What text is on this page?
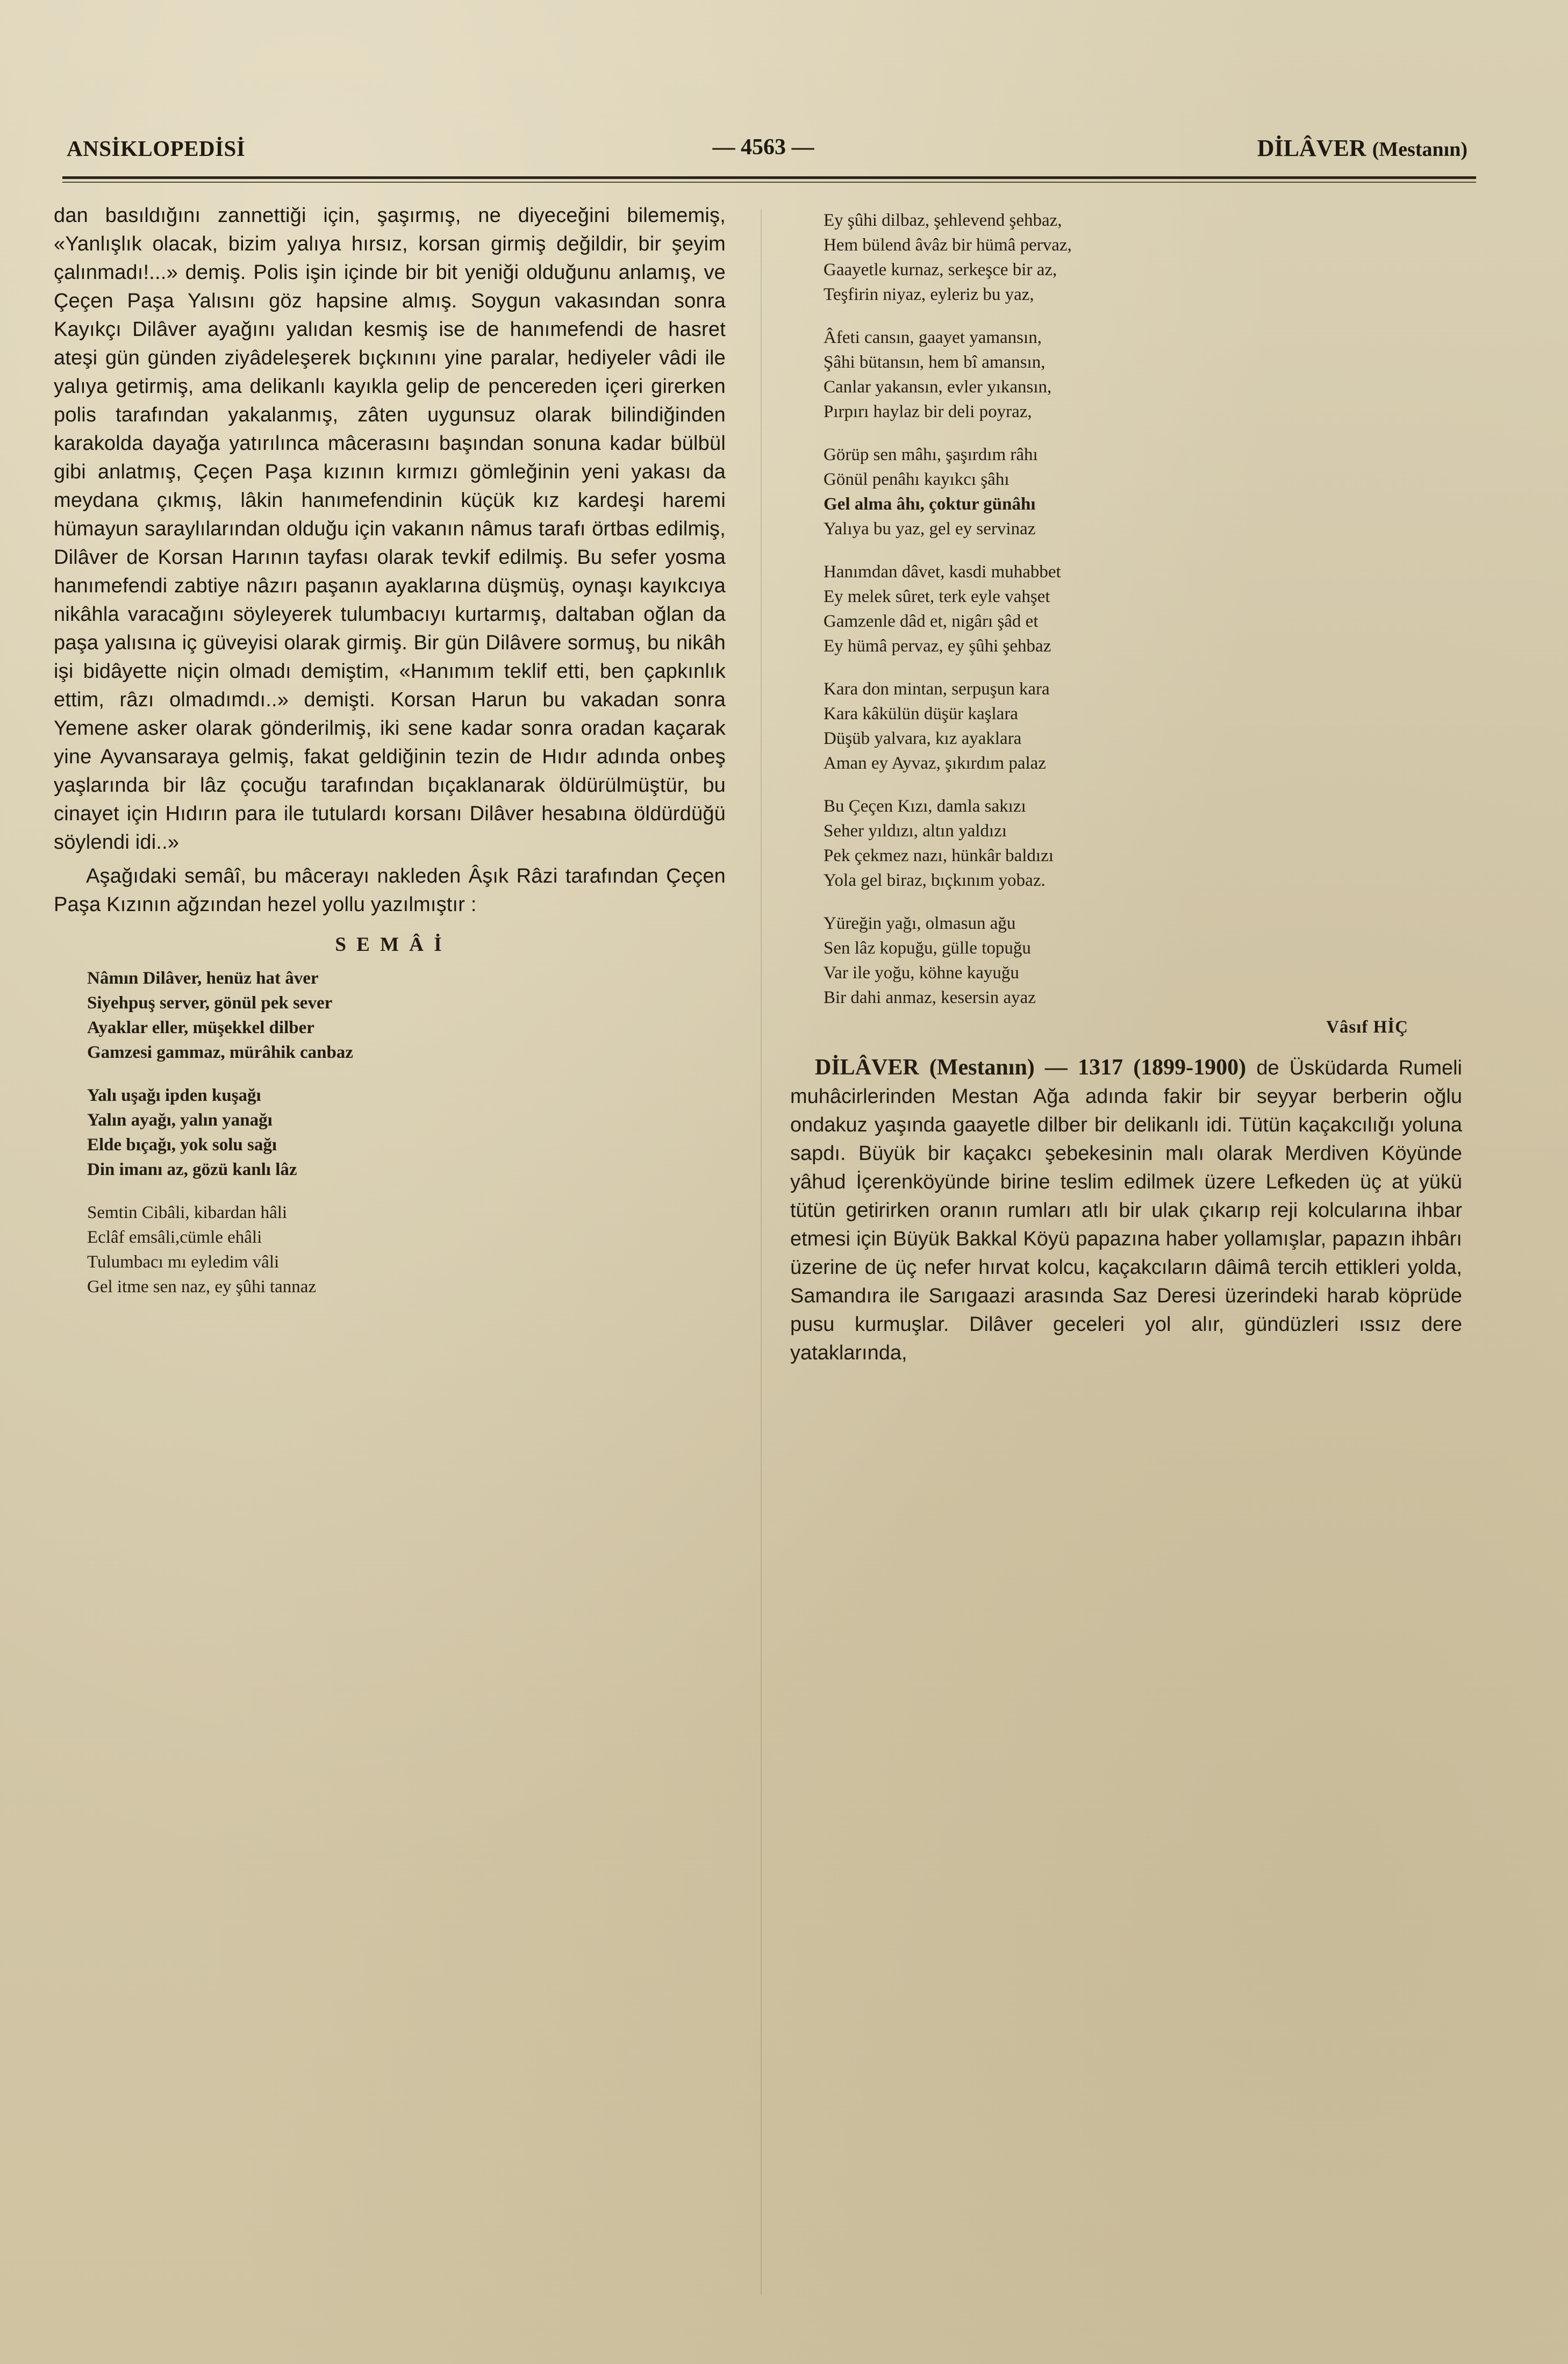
— 4563 —
ANSİKLOPEDİSİ	DİLÂVER (Mestanın)

dan basıldığını zannettiği için, şaşırmış, ne diyeceğini bilememiş, «Yanlışlık olacak, bizim yalıya hırsız, korsan girmiş değildir, bir şeyim çalınmadı!...» demiş. Polis işin içinde bir bit yeniği olduğunu anlamış, ve Çeçen Paşa Yalısını göz hapsine almış. Soygun vakasından sonra Kayıkçı Dilâver ayağını yalıdan kesmiş ise de hanımefendi de hasret ateşi gün günden ziyâdeleşerek bıçkınını yine paralar, hediyeler vâdi ile yalıya getirmiş, ama delikanlı kayıkla gelip de pencereden içeri girerken polis tarafından yakalanmış, zâten uygunsuz olarak bilindiğinden karakolda dayağa yatırılınca mâcerasını başından sonuna kadar bülbül gibi anlatmış, Çeçen Paşa kızının kırmızı gömleğinin yeni yakası da meydana çıkmış, lâkin hanımefendinin küçük kız kardeşi haremi hümayun saraylılarından olduğu için vakanın nâmus tarafı örtbas edilmiş, Dilâver de Korsan Harının tayfası olarak tevkif edilmiş. Bu sefer yosma hanımefendi zabtiye nâzırı paşanın ayaklarına düşmüş, oynaşı kayıkcıya nikâhla varacağını söyleyerek tulumbacıyı kurtarmış, daltaban oğlan da paşa yalısına iç güveyisi olarak girmiş. Bir gün Dilâvere sormuş, bu nikâh işi bidâyette niçin olmadı demiştim, «Hanımım teklif etti, ben çapkınlık ettim, râzı olmadımdı..» demişti. Korsan Harun bu vakadan sonra Yemene asker olarak gönderilmiş, iki sene kadar sonra oradan kaçarak yine Ayvansaraya gelmiş, fakat geldiğinin tezin de Hıdır adında onbeş yaşlarında bir lâz çocuğu tarafından bıçaklanarak öldürülmüştür, bu cinayet için Hıdırın para ile tutulardı korsanı Dilâver hesabına öldürdüğü söylendi idi..»

Aşağıdaki semâî, bu mâcerayı nakleden Âşık Râzi tarafından Çeçen Paşa Kızının ağzından hezel yollu yazılmıştır :

S E M Â İ
Nâmın Dilâver, henüz hat âver
Siyehpuş server, gönül pek sever
Ayaklar eller, müşekkel dilber
Gamzesi gammaz, mürâhik canbaz
Yalı uşağı ipden kuşağı
Yalın ayağı, yalın yanağı
Elde bıçağı, yok solu sağı
Din imanı az, gözü kanlı lâz
Semtin Cibâli, kibardan hâli
Eclâf emsâli,cümle ehâli
Tulumbacı mı eyledim vâli
Gel itme sen naz, ey şûhi tannaz
Ey şûhi dilbaz, şehlevend şehbaz,
Hem bülend âvâz bir hümâ pervaz,
Gaayetle kurnaz, serkeşce bir az,
Teşfirin niyaz, eyleriz bu yaz,
Âfeti cansın, gaayet yamansın,
Şâhi bütansın, hem bî amansın,
Canlar yakansın, evler yıkansın,
Pırpırı haylaz bir deli poyraz,
Görüp sen mâhı, şaşırdım râhı
Gönül penâhı kayıkcı şâhı
Gel alma âhı, çoktur günâhı
Yalıya bu yaz, gel ey servinaz
Hanımdan dâvet, kasdi muhabbet
Ey melek sûret, terk eyle vahşet
Gamzenle dâd et, nigârı şâd et
Ey hümâ pervaz, ey şûhi şehbaz
Kara don mintan, serpuşun kara
Kara kâkülün düşür kaşlara
Düşüb yalvara, kız ayaklara
Aman ey Ayvaz, şıkırdım palaz
Bu Çeçen Kızı, damla sakızı
Seher yıldızı, altın yaldızı
Pek çekmez nazı, hünkâr baldızı
Yola gel biraz, bıçkınım yobaz.
Yüreğin yağı, olmasun ağu
Sen lâz kopuğu, gülle topuğu
Var ile yoğu, köhne kayuğu
Bir dahi anmaz, kesersin ayaz
Vâsıf HİÇ

DİLÂVER (Mestanın) — 1317 (1899-1900) de Üsküdarda Rumeli muhâcirlerinden Mestan Ağa adında fakir bir seyyar berberin oğlu ondakuz yaşında gaayetle dilber bir delikanlı idi. Tütün kaçakcılığı yoluna sapdı. Büyük bir kaçakcı şebekesinin malı olarak Merdiven Köyünde yâhud İçerenköyünde birine teslim edilmek üzere Lefkeden üç at yükü tütün getirirken oranın rumları atlı bir ulak çıkarıp reji kolcularına ihbar etmesi için Büyük Bakkal Köyü papazına haber yollamışlar, papazın ihbârı üzerine de üç nefer hırvat kolcu, kaçakcıların dâimâ tercih ettikleri yolda, Samandıra ile Sarıgaazi arasında Saz Deresi üzerindeki harab köprüde pusu kurmuşlar. Dilâver geceleri yol alır, gündüzleri ıssız dere yataklarında,
